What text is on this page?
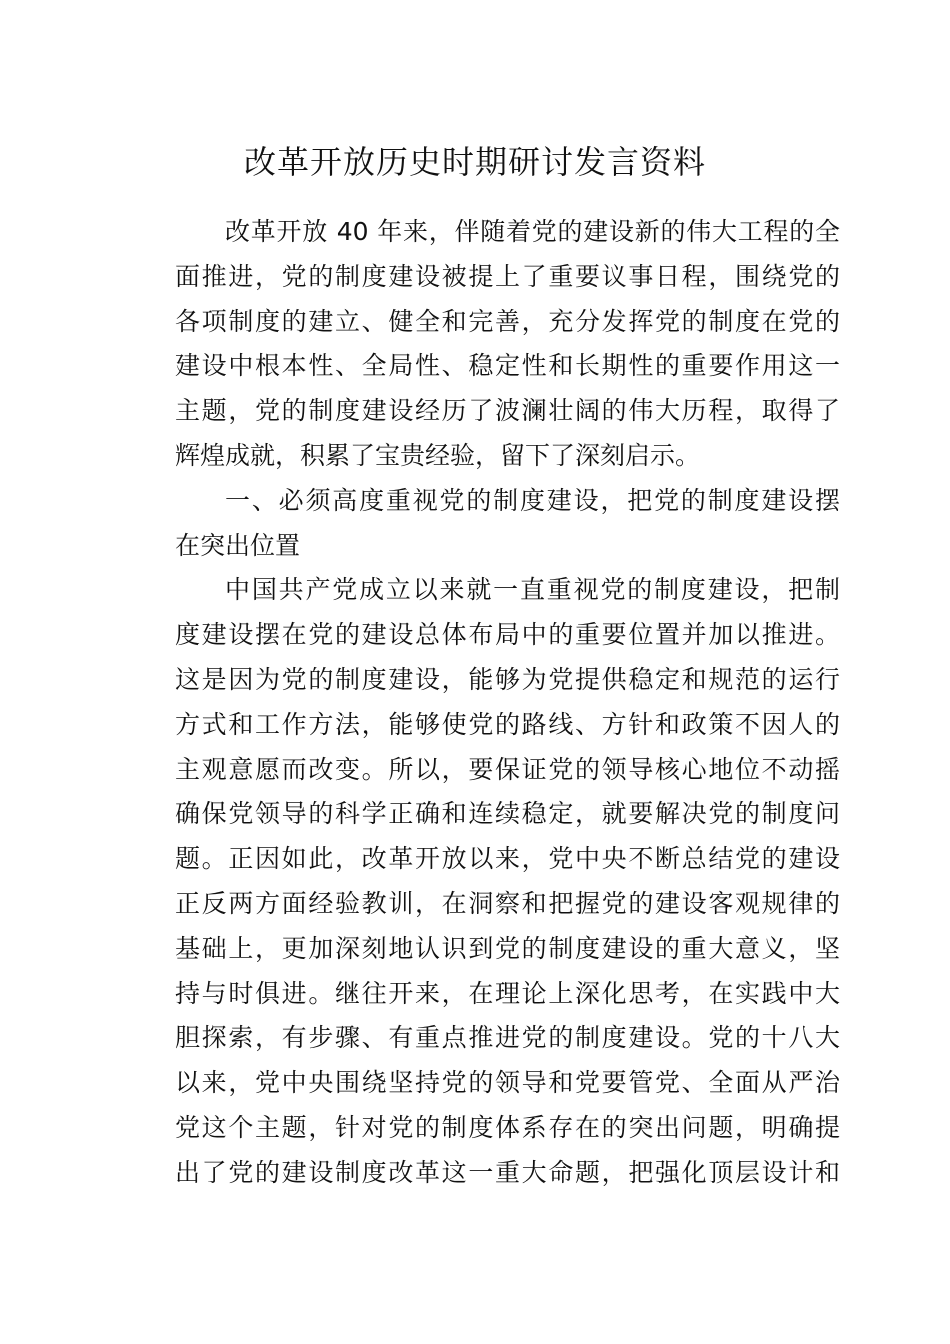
改革开放历史时期研讨发言资料
改革开放 40 年来，伴随着党的建设新的伟大工程的全
面推进，党的制度建设被提上了重要议事日程，围绕党的
各项制度的建立、健全和完善，充分发挥党的制度在党的
建设中根本性、全局性、稳定性和长期性的重要作用这一
主题，党的制度建设经历了波澜壮阔的伟大历程，取得了
辉煌成就，积累了宝贵经验，留下了深刻启示。
一、必须高度重视党的制度建设，把党的制度建设摆
在突出位置
中国共产党成立以来就一直重视党的制度建设，把制
度建设摆在党的建设总体布局中的重要位置并加以推进。
这是因为党的制度建设，能够为党提供稳定和规范的运行
方式和工作方法，能够使党的路线、方针和政策不因人的
主观意愿而改变。所以，要保证党的领导核心地位不动摇
确保党领导的科学正确和连续稳定，就要解决党的制度问
题。正因如此，改革开放以来，党中央不断总结党的建设
正反两方面经验教训，在洞察和把握党的建设客观规律的
基础上，更加深刻地认识到党的制度建设的重大意义，坚
持与时俱进。继往开来，在理论上深化思考，在实践中大
胆探索，有步骤、有重点推进党的制度建设。党的十八大
以来，党中央围绕坚持党的领导和党要管党、全面从严治
党这个主题，针对党的制度体系存在的突出问题，明确提
出了党的建设制度改革这一重大命题，把强化顶层设计和
